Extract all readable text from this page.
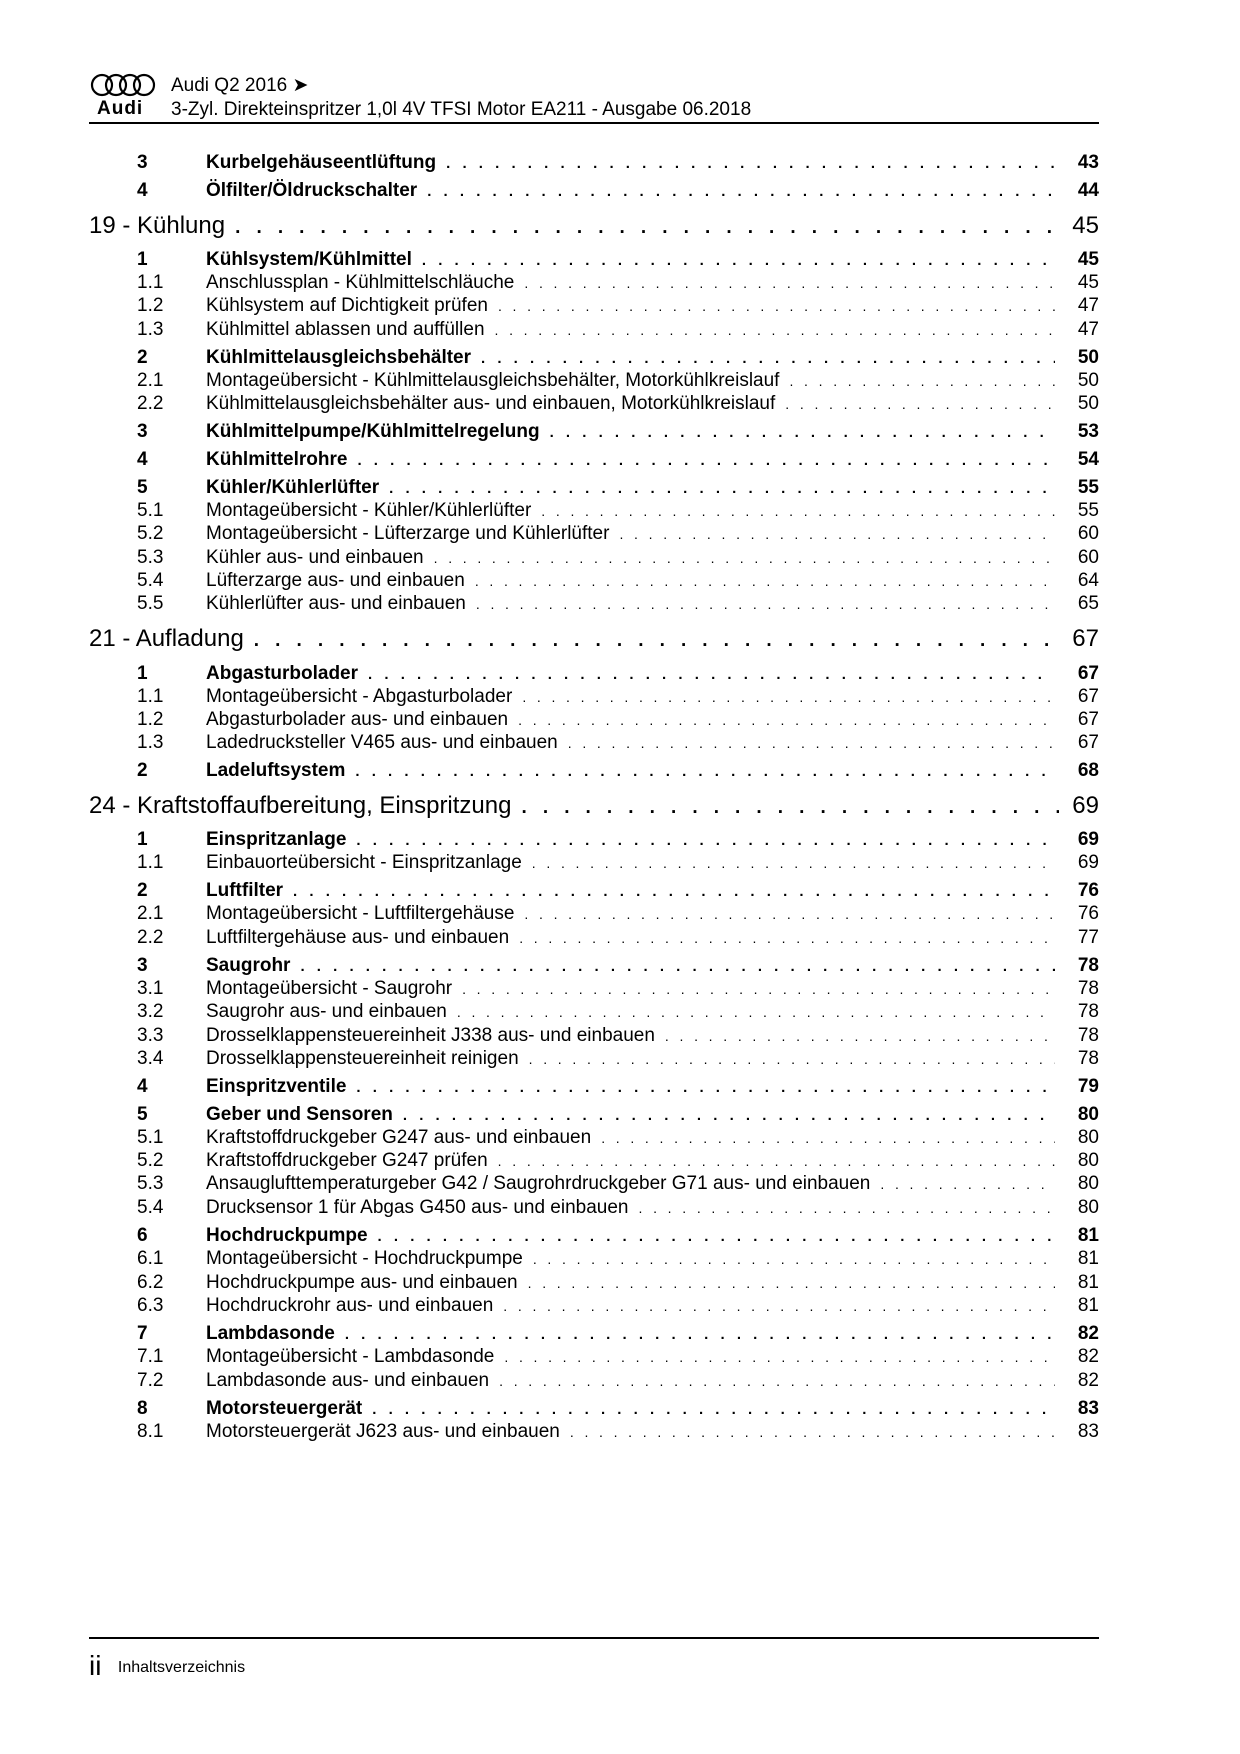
Audi
Audi Q2 2016 ➤
3-Zyl. Direkteinspritzer 1,0l 4V TFSI Motor EA211 - Ausgabe 06.2018
3	Kurbelgehäuseentlüftung . . .	43
4	Ölfilter/Öldruckschalter . . .	44
19 - Kühlung . . .	45
1	Kühlsystem/Kühlmittel . . .	45
1.1	Anschlussplan - Kühlmittelschläuche . . .	45
1.2	Kühlsystem auf Dichtigkeit prüfen . . .	47
1.3	Kühlmittel ablassen und auffüllen . . .	47
2	Kühlmittelausgleichsbehälter . . .	50
2.1	Montageübersicht - Kühlmittelausgleichsbehälter, Motorkühlkreislauf . . .	50
2.2	Kühlmittelausgleichsbehälter aus- und einbauen, Motorkühlkreislauf . . .	50
3	Kühlmittelpumpe/Kühlmittelregelung . . .	53
4	Kühlmittelrohre . . .	54
5	Kühler/Kühlerlüfter . . .	55
5.1	Montageübersicht - Kühler/Kühlerlüfter . . .	55
5.2	Montageübersicht - Lüfterzarge und Kühlerlüfter . . .	60
5.3	Kühler aus- und einbauen . . .	60
5.4	Lüfterzarge aus- und einbauen . . .	64
5.5	Kühlerlüfter aus- und einbauen . . .	65
21 - Aufladung . . .	67
1	Abgasturbolader . . .	67
1.1	Montageübersicht - Abgasturbolader . . .	67
1.2	Abgasturbolader aus- und einbauen . . .	67
1.3	Ladedrucksteller V465 aus- und einbauen . . .	67
2	Ladeluftsystem . . .	68
24 - Kraftstoffaufbereitung, Einspritzung . . .	69
1	Einspritzanlage . . .	69
1.1	Einbauorteübersicht - Einspritzanlage . . .	69
2	Luftfilter . . .	76
2.1	Montageübersicht - Luftfiltergehäuse . . .	76
2.2	Luftfiltergehäuse aus- und einbauen . . .	77
3	Saugrohr . . .	78
3.1	Montageübersicht - Saugrohr . . .	78
3.2	Saugrohr aus- und einbauen . . .	78
3.3	Drosselklappensteuereinheit J338 aus- und einbauen . . .	78
3.4	Drosselklappensteuereinheit reinigen . . .	78
4	Einspritzventile . . .	79
5	Geber und Sensoren . . .	80
5.1	Kraftstoffdruckgeber G247 aus- und einbauen . . .	80
5.2	Kraftstoffdruckgeber G247 prüfen . . .	80
5.3	Ansauglufttemperaturgeber G42 / Saugrohrdruckgeber G71 aus- und einbauen . . .	80
5.4	Drucksensor 1 für Abgas G450 aus- und einbauen . . .	80
6	Hochdruckpumpe . . .	81
6.1	Montageübersicht - Hochdruckpumpe . . .	81
6.2	Hochdruckpumpe aus- und einbauen . . .	81
6.3	Hochdruckrohr aus- und einbauen . . .	81
7	Lambdasonde . . .	82
7.1	Montageübersicht - Lambdasonde . . .	82
7.2	Lambdasonde aus- und einbauen . . .	82
8	Motorsteuergerät . . .	83
8.1	Motorsteuergerät J623 aus- und einbauen . . .	83
ii Inhaltsverzeichnis
